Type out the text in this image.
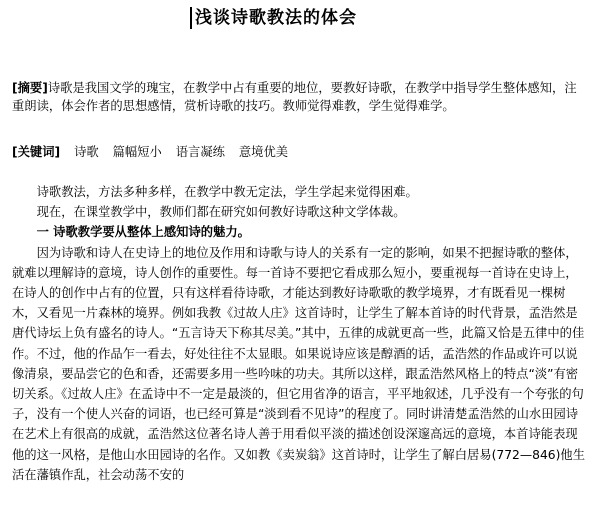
浅谈诗歌教法的体会
[摘要]诗歌是我国文学的瑰宝，在教学中占有重要的地位，要教好诗歌，在教学中指导学生整体感知，注重朗读，体会作者的思想感情，赏析诗歌的技巧。教师觉得难教，学生觉得难学。
[关键词] 诗歌 篇幅短小 语言凝练 意境优美

诗歌教法，方法多种多样，在教学中教无定法，学生学起来觉得困难。

现在，在课堂教学中，教师们都在研究如何教好诗歌这种文学体裁。

一 诗歌教学要从整体上感知诗的魅力。

因为诗歌和诗人在史诗上的地位及作用和诗歌与诗人的关系有一定的影响，如果不把握诗歌的整体，就难以理解诗的意境，诗人创作的重要性。每一首诗不要把它看成那么短小，要重视每一首诗在史诗上，在诗人的创作中占有的位置，只有这样看待诗歌，才能达到教好诗歌歌的教学境界，才有既看见一棵树木，又看见一片森林的境界。例如我教《过故人庄》这首诗时，让学生了解本首诗的时代背景，孟浩然是唐代诗坛上负有盛名的诗人。“五言诗天下称其尽美。”其中，五律的成就更高一些，此篇又恰是五律中的佳作。不过，他的作品乍一看去，好处往往不太显眼。如果说诗应该是醇酒的话，孟浩然的作品或许可以说像清泉，要品尝它的色和香，还需要多用一些吟味的功夫。其所以这样，跟孟浩然风格上的特点“淡”有密切关系。《过故人庄》在孟诗中不一定是最淡的，但它用省净的语言，平平地叙述，几乎没有一个夸张的句子，没有一个使人兴奋的词语，也已经可算是“淡到看不见诗”的程度了。同时讲清楚孟浩然的山水田园诗在艺术上有很高的成就，孟浩然这位著名诗人善于用看似平淡的描述创设深邃高远的意境，本首诗能表现他的这一风格，是他山水田园诗的名作。又如教《卖炭翁》这首诗时，让学生了解白居易(772—846)他生活在藩镇作乱，社会动荡不安的
